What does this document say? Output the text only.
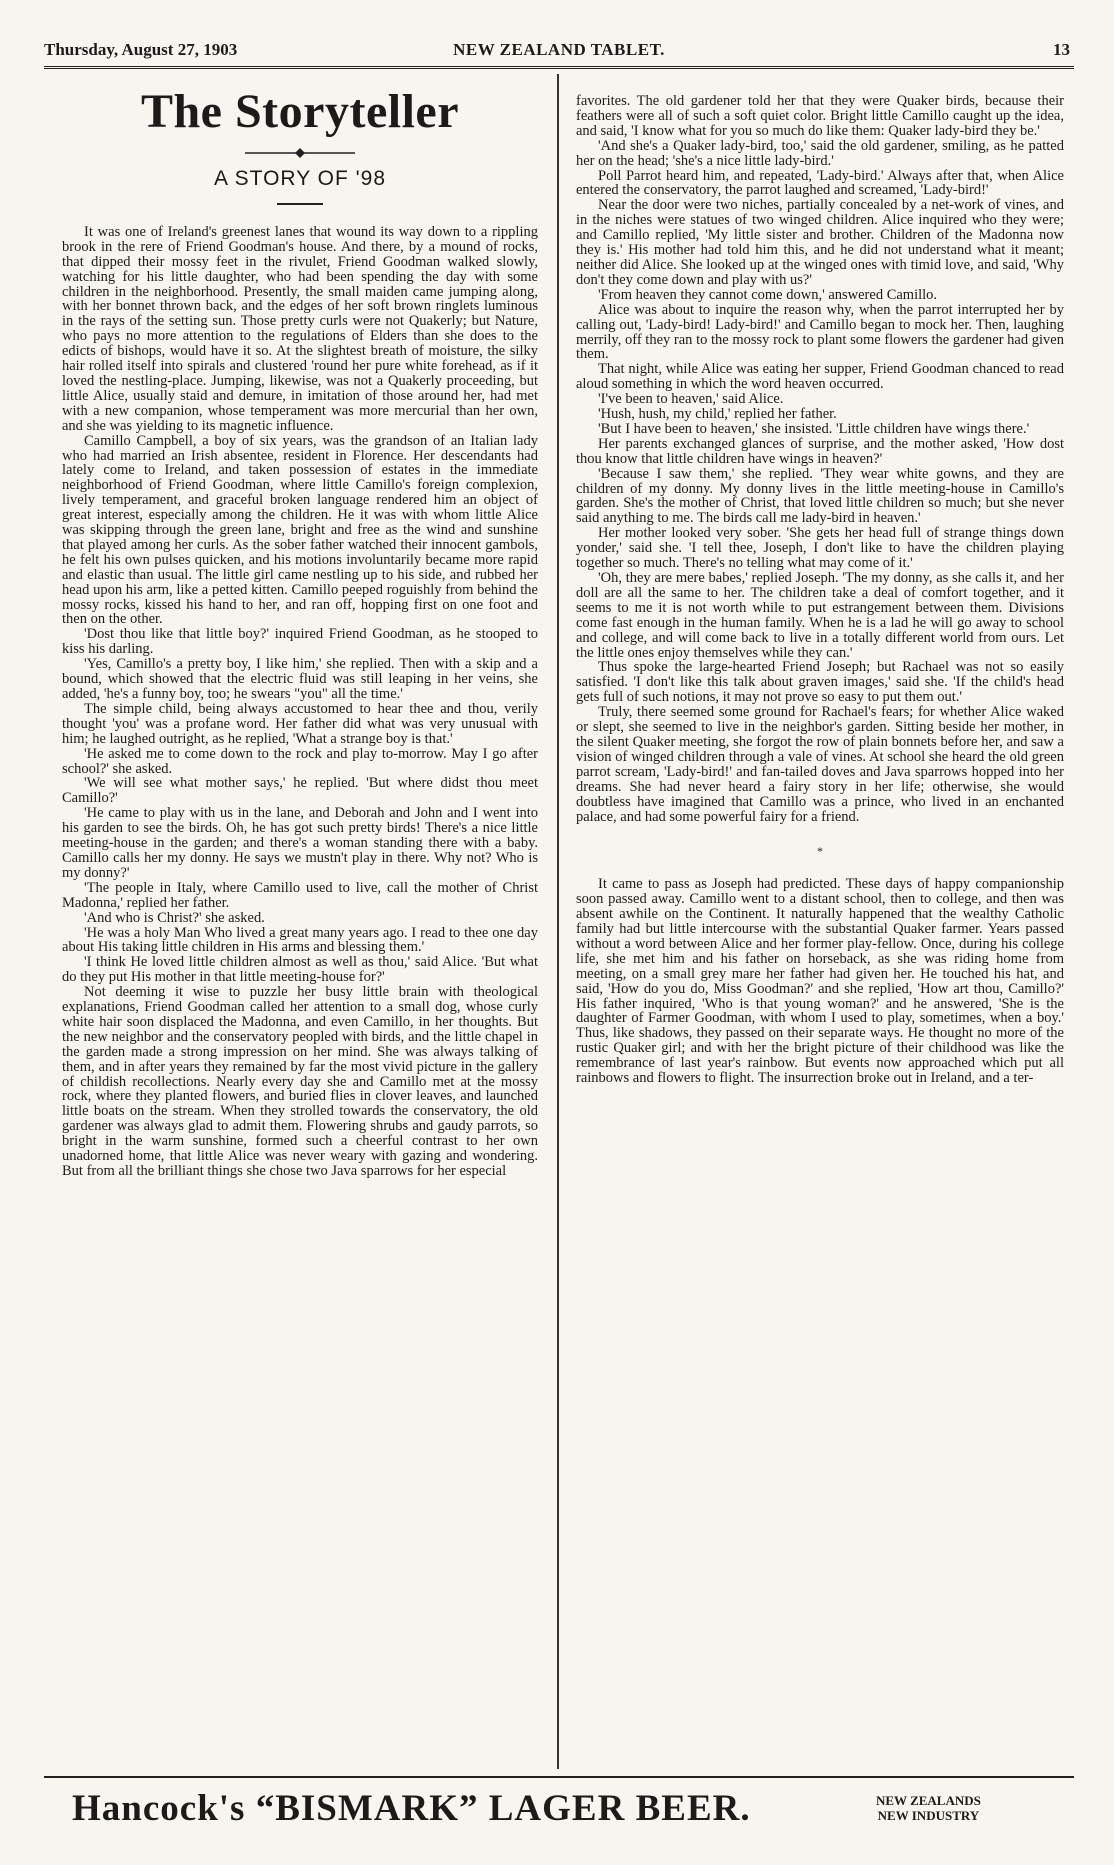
Thursday, August 27, 1903	NEW ZEALAND TABLET.	13
The Storyteller
A STORY OF '98

It was one of Ireland's greenest lanes that wound its way down to a rippling brook in the rere of Friend Goodman's house. And there, by a mound of rocks, that dipped their mossy feet in the rivulet, Friend Goodman walked slowly, watching for his little daughter, who had been spending the day with some children in the neighborhood. Presently, the small maiden came jumping along, with her bonnet thrown back, and the edges of her soft brown ringlets luminous in the rays of the setting sun. Those pretty curls were not Quakerly; but Nature, who pays no more attention to the regulations of Elders than she does to the edicts of bishops, would have it so. At the slightest breath of moisture, the silky hair rolled itself into spirals and clustered 'round her pure white forehead, as if it loved the nestling-place. Jumping, likewise, was not a Quakerly proceeding, but little Alice, usually staid and demure, in imitation of those around her, had met with a new companion, whose temperament was more mercurial than her own, and she was yielding to its magnetic influence.

Camillo Campbell, a boy of six years, was the grandson of an Italian lady who had married an Irish absentee, resident in Florence. Her descendants had lately come to Ireland, and taken possession of estates in the immediate neighborhood of Friend Goodman, where little Camillo's foreign complexion, lively temperament, and graceful broken language rendered him an object of great interest, especially among the children. He it was with whom little Alice was skipping through the green lane, bright and free as the wind and sunshine that played among her curls. As the sober father watched their innocent gambols, he felt his own pulses quicken, and his motions involuntarily became more rapid and elastic than usual. The little girl came nestling up to his side, and rubbed her head upon his arm, like a petted kitten. Camillo peeped roguishly from behind the mossy rocks, kissed his hand to her, and ran off, hopping first on one foot and then on the other.

'Dost thou like that little boy?' inquired Friend Goodman, as he stooped to kiss his darling.

'Yes, Camillo's a pretty boy, I like him,' she replied. Then with a skip and a bound, which showed that the electric fluid was still leaping in her veins, she added, 'he's a funny boy, too; he swears "you" all the time.'

The simple child, being always accustomed to hear thee and thou, verily thought 'you' was a profane word. Her father did what was very unusual with him; he laughed outright, as he replied, 'What a strange boy is that.'

'He asked me to come down to the rock and play to-morrow. May I go after school?' she asked.

'We will see what mother says,' he replied. 'But where didst thou meet Camillo?'

'He came to play with us in the lane, and Deborah and John and I went into his garden to see the birds. Oh, he has got such pretty birds! There's a nice little meeting-house in the garden; and there's a woman standing there with a baby. Camillo calls her my donny. He says we mustn't play in there. Why not? Who is my donny?'

'The people in Italy, where Camillo used to live, call the mother of Christ Madonna,' replied her father.

'And who is Christ?' she asked.

'He was a holy Man Who lived a great many years ago. I read to thee one day about His taking little children in His arms and blessing them.'

'I think He loved little children almost as well as thou,' said Alice. 'But what do they put His mother in that little meeting-house for?'

Not deeming it wise to puzzle her busy little brain with theological explanations, Friend Goodman called her attention to a small dog, whose curly white hair soon displaced the Madonna, and even Camillo, in her thoughts. But the new neighbor and the conservatory peopled with birds, and the little chapel in the garden made a strong impression on her mind. She was always talking of them, and in after years they remained by far the most vivid picture in the gallery of childish recollections. Nearly every day she and Camillo met at the mossy rock, where they planted flowers, and buried flies in clover leaves, and launched little boats on the stream. When they strolled towards the conservatory, the old gardener was always glad to admit them. Flowering shrubs and gaudy parrots, so bright in the warm sunshine, formed such a cheerful contrast to her own unadorned home, that little Alice was never weary with gazing and wondering. But from all the brilliant things she chose two Java sparrows for her especial

favorites. The old gardener told her that they were Quaker birds, because their feathers were all of such a soft quiet color. Bright little Camillo caught up the idea, and said, 'I know what for you so much do like them: Quaker lady-bird they be.'

'And she's a Quaker lady-bird, too,' said the old gardener, smiling, as he patted her on the head; 'she's a nice little lady-bird.'

Poll Parrot heard him, and repeated, 'Lady-bird.' Always after that, when Alice entered the conservatory, the parrot laughed and screamed, 'Lady-bird!'

Near the door were two niches, partially concealed by a net-work of vines, and in the niches were statues of two winged children. Alice inquired who they were; and Camillo replied, 'My little sister and brother. Children of the Madonna now they is.' His mother had told him this, and he did not understand what it meant; neither did Alice. She looked up at the winged ones with timid love, and said, 'Why don't they come down and play with us?'

'From heaven they cannot come down,' answered Camillo.

Alice was about to inquire the reason why, when the parrot interrupted her by calling out, 'Lady-bird! Lady-bird!' and Camillo began to mock her. Then, laughing merrily, off they ran to the mossy rock to plant some flowers the gardener had given them.

That night, while Alice was eating her supper, Friend Goodman chanced to read aloud something in which the word heaven occurred.

'I've been to heaven,' said Alice.

'Hush, hush, my child,' replied her father.

'But I have been to heaven,' she insisted. 'Little children have wings there.'

Her parents exchanged glances of surprise, and the mother asked, 'How dost thou know that little children have wings in heaven?'

'Because I saw them,' she replied. 'They wear white gowns, and they are children of my donny. My donny lives in the little meeting-house in Camillo's garden. She's the mother of Christ, that loved little children so much; but she never said anything to me. The birds call me lady-bird in heaven.'

Her mother looked very sober. 'She gets her head full of strange things down yonder,' said she. 'I tell thee, Joseph, I don't like to have the children playing together so much. There's no telling what may come of it.'

'Oh, they are mere babes,' replied Joseph. 'The my donny, as she calls it, and her doll are all the same to her. The children take a deal of comfort together, and it seems to me it is not worth while to put estrangement between them. Divisions come fast enough in the human family. When he is a lad he will go away to school and college, and will come back to live in a totally different world from ours. Let the little ones enjoy themselves while they can.'

Thus spoke the large-hearted Friend Joseph; but Rachael was not so easily satisfied. 'I don't like this talk about graven images,' said she. 'If the child's head gets full of such notions, it may not prove so easy to put them out.'

Truly, there seemed some ground for Rachael's fears; for whether Alice waked or slept, she seemed to live in the neighbor's garden. Sitting beside her mother, in the silent Quaker meeting, she forgot the row of plain bonnets before her, and saw a vision of winged children through a vale of vines. At school she heard the old green parrot scream, 'Lady-bird!' and fan-tailed doves and Java sparrows hopped into her dreams. She had never heard a fairy story in her life; otherwise, she would doubtless have imagined that Camillo was a prince, who lived in an enchanted palace, and had some powerful fairy for a friend.

*

It came to pass as Joseph had predicted. These days of happy companionship soon passed away. Camillo went to a distant school, then to college, and then was absent awhile on the Continent. It naturally happened that the wealthy Catholic family had but little intercourse with the substantial Quaker farmer. Years passed without a word between Alice and her former play-fellow. Once, during his college life, she met him and his father on horseback, as she was riding home from meeting, on a small grey mare her father had given her. He touched his hat, and said, 'How do you do, Miss Goodman?' and she replied, 'How art thou, Camillo?' His father inquired, 'Who is that young woman?' and he answered, 'She is the daughter of Farmer Goodman, with whom I used to play, sometimes, when a boy.' Thus, like shadows, they passed on their separate ways. He thought no more of the rustic Quaker girl; and with her the bright picture of their childhood was like the remembrance of last year's rainbow. But events now approached which put all rainbows and flowers to flight. The insurrection broke out in Ireland, and a ter-

Hancock's “BISMARK” LAGER BEER.	NEW ZEALANDS
NEW INDUSTRY
